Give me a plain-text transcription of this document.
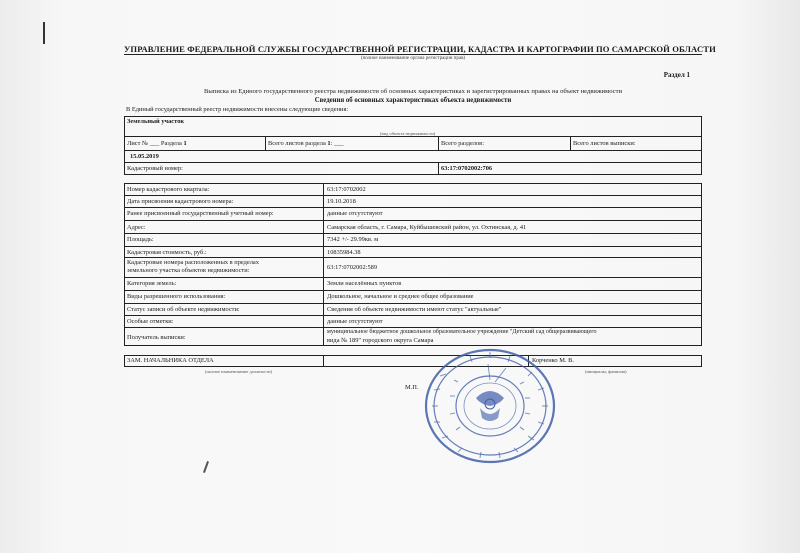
УПРАВЛЕНИЕ ФЕДЕРАЛЬНОЙ СЛУЖБЫ ГОСУДАРСТВЕННОЙ РЕГИСТРАЦИИ, КАДАСТРА И КАРТОГРАФИИ ПО САМАРСКОЙ ОБЛАСТИ
(полное наименование органа регистрации прав)
Раздел 1
Выписка из Единого государственного реестра недвижимости об основных характеристиках и зарегистрированных правах на объект недвижимости
Сведения об основных характеристиках объекта недвижимости
В Единый государственный реестр недвижимости внесены следующие сведения:
Земельный участок
(вид объекта недвижимости)
Лист № ___ Раздела 1	Всего листов раздела 1: ___	Всего разделов:	Всего листов выписки:
15.05.2019
Кадастровый номер:	63:17:0702002:706
Номер кадастрового квартала:	63:17:0702002
Дата присвоения кадастрового номера:	19.10.2018
Ранее присвоенный государственный учетный номер:	данные отсутствуют
Адрес:	Самарская область, г. Самара, Куйбышевский район, ул. Охтинская, д. 41
Площадь:	7342 +/- 29.99кв. м
Кадастровая стоимость, руб.:	10835984.38
Кадастровые номера расположенных в пределах
земельного участка объектов недвижимости:	63:17:0702002:589
Категория земель:	Земли населённых пунктов
Виды разрешенного использования:	Дошкольное, начальное и среднее общее образование
Статус записи об объекте недвижимости:	Сведения об объекте недвижимости имеют статус "актуальные"
Особые отметки:	данные отсутствуют
Получатель выписки:
муниципальное бюджетное дошкольное образовательное учреждение "Детский сад общеразвивающего
вида № 189" городского округа Самара
ЗАМ. НАЧАЛЬНИКА ОТДЕЛА	Корченко М. В.
(полное наименование должности)	(инициалы, фамилия)
М.П.
